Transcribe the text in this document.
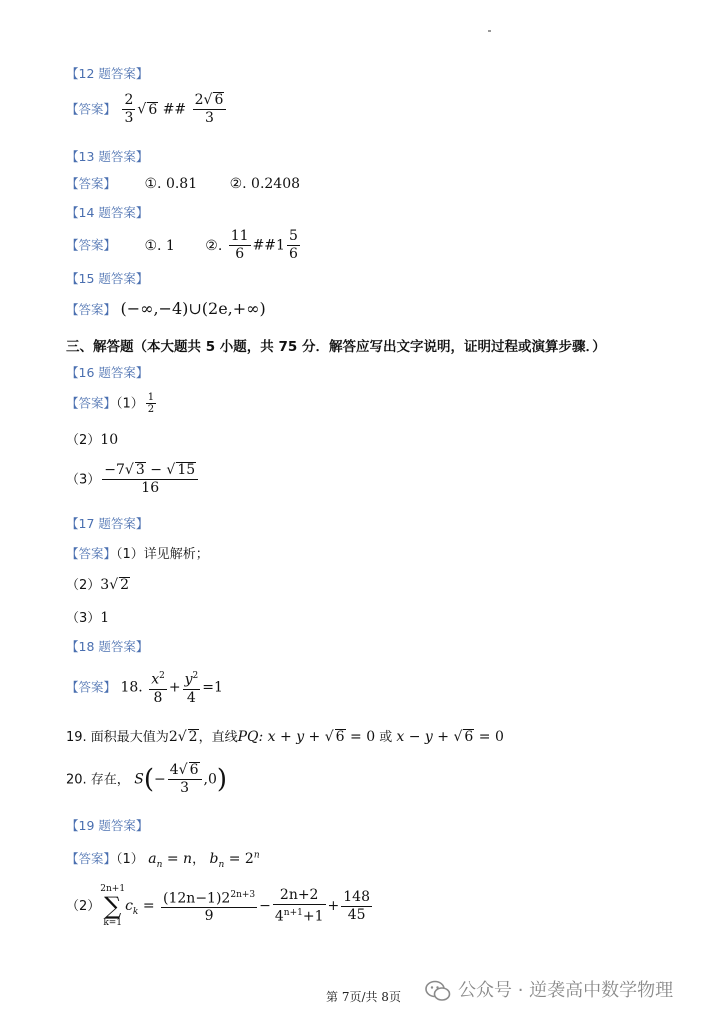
【12 题答案】
【答案】 $\frac{2}{3}$ √ 6 ## $\frac{2√ 6}{3}$
【13 题答案】
【答案】 ①. 0.81 ②. 0.2408
【14 题答案】
【答案】 ①. 1 ②. $\frac{11}{6}$ ##1 $\frac{5}{6}$
【15 题答案】
【答案】 (−∞,−4)∪(2e,+∞)
三、解答题（本大题共 5 小题，共 75 分．解答应写出文字说明，证明过程或演算步骤．）
【16 题答案】
【答案】$(1) \frac{1}{2}$
（2）10
$(3) \frac{-7√ 3 - √ 15}{16}$
【17 题答案】
【答案】（1）详见解析；
（2）3√ 2
（3）1
【18 题答案】
【答案】 18. $\frac{x^2}{8} + \frac{y^2}{4} =1$
19. 面积最大值为2√ 2，直线PQ: x + y + √ 6 = 0 或 x − y + √ 6 = 0
20. 存在， $S(- \frac{4√ 6}{3} ,0)$
【19 题答案】
【答案】（1） $a_n = n$， $b_n = 2^n$
（2）
2n+1
∑
k=1
$c_k = \frac{(12n-1)2^{2n+3}}{9} - \frac{2n+2}{4^{n+1}+1} + \frac{148}{45}$
第 7页/共 8页	公众号 · 逆袭高中数学物理
